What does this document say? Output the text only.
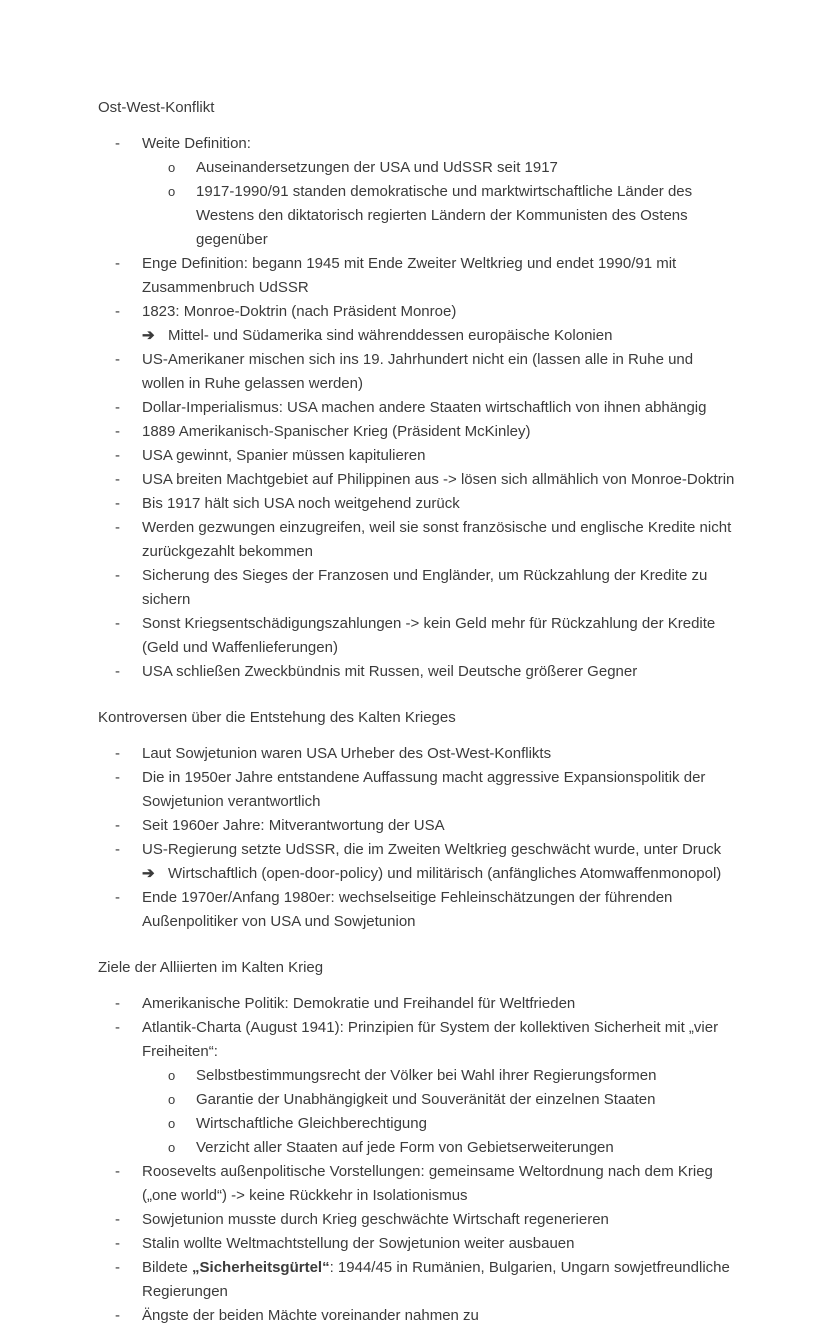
Ost-West-Konflikt
- Weite Definition:
o Auseinandersetzungen der USA und UdSSR seit 1917
o 1917-1990/91 standen demokratische und marktwirtschaftliche Länder des Westens den diktatorisch regierten Ländern der Kommunisten des Ostens gegenüber
- Enge Definition: begann 1945 mit Ende Zweiter Weltkrieg und endet 1990/91 mit Zusammenbruch UdSSR
- 1823: Monroe-Doktrin (nach Präsident Monroe)
➔ Mittel- und Südamerika sind währenddessen europäische Kolonien
- US-Amerikaner mischen sich ins 19. Jahrhundert nicht ein (lassen alle in Ruhe und wollen in Ruhe gelassen werden)
- Dollar-Imperialismus: USA machen andere Staaten wirtschaftlich von ihnen abhängig
- 1889 Amerikanisch-Spanischer Krieg (Präsident McKinley)
- USA gewinnt, Spanier müssen kapitulieren
- USA breiten Machtgebiet auf Philippinen aus -> lösen sich allmählich von Monroe-Doktrin
- Bis 1917 hält sich USA noch weitgehend zurück
- Werden gezwungen einzugreifen, weil sie sonst französische und englische Kredite nicht zurückgezahlt bekommen
- Sicherung des Sieges der Franzosen und Engländer, um Rückzahlung der Kredite zu sichern
- Sonst Kriegsentschädigungszahlungen -> kein Geld mehr für Rückzahlung der Kredite (Geld und Waffenlieferungen)
- USA schließen Zweckbündnis mit Russen, weil Deutsche größerer Gegner
Kontroversen über die Entstehung des Kalten Krieges
- Laut Sowjetunion waren USA Urheber des Ost-West-Konflikts
- Die in 1950er Jahre entstandene Auffassung macht aggressive Expansionspolitik der Sowjetunion verantwortlich
- Seit 1960er Jahre: Mitverantwortung der USA
- US-Regierung setzte UdSSR, die im Zweiten Weltkrieg geschwächt wurde, unter Druck
➔ Wirtschaftlich (open-door-policy) und militärisch (anfängliches Atomwaffenmonopol)
- Ende 1970er/Anfang 1980er: wechselseitige Fehleinschätzungen der führenden Außenpolitiker von USA und Sowjetunion
Ziele der Alliierten im Kalten Krieg
- Amerikanische Politik: Demokratie und Freihandel für Weltfrieden
- Atlantik-Charta (August 1941): Prinzipien für System der kollektiven Sicherheit mit „vier Freiheiten“:
o Selbstbestimmungsrecht der Völker bei Wahl ihrer Regierungsformen
o Garantie der Unabhängigkeit und Souveränität der einzelnen Staaten
o Wirtschaftliche Gleichberechtigung
o Verzicht aller Staaten auf jede Form von Gebietserweiterungen
- Roosevelts außenpolitische Vorstellungen: gemeinsame Weltordnung nach dem Krieg („one world“) -> keine Rückkehr in Isolationismus
- Sowjetunion musste durch Krieg geschwächte Wirtschaft regenerieren
- Stalin wollte Weltmachtstellung der Sowjetunion weiter ausbauen
- Bildete „Sicherheitsgürtel“: 1944/45 in Rumänien, Bulgarien, Ungarn sowjetfreundliche Regierungen
- Ängste der beiden Mächte voreinander nahmen zu
